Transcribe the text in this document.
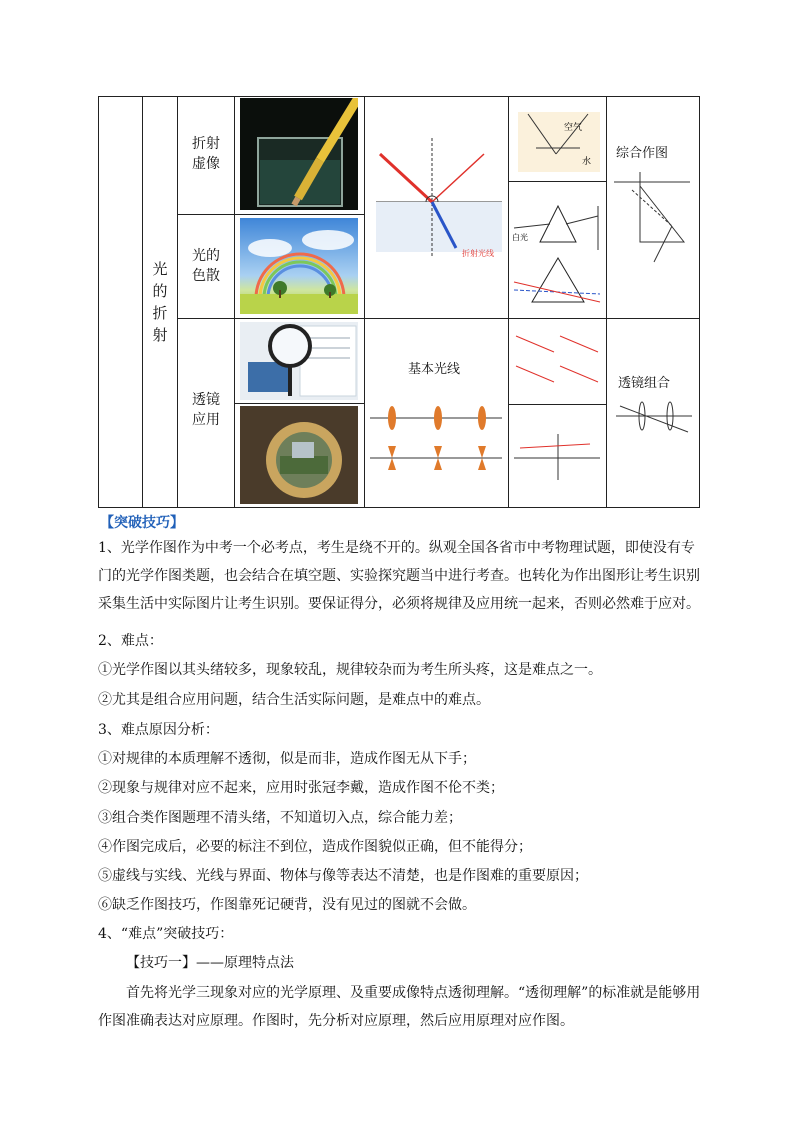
光的折射
折射
虚像
光的
色散
透镜
应用
折射光线
空气
水
白光
综合作图
基本光线
透镜组合
【突破技巧】
1、光学作图作为中考一个必考点，考生是绕不开的。纵观全国各省市中考物理试题，即使没有专门的光学作图类题，也会结合在填空题、实验探究题当中进行考查。也转化为作出图形让考生识别采集生活中实际图片让考生识别。要保证得分，必须将规律及应用统一起来，否则必然难于应对。
2、难点：
①光学作图以其头绪较多，现象较乱，规律较杂而为考生所头疼，这是难点之一。
②尤其是组合应用问题，结合生活实际问题，是难点中的难点。
3、难点原因分析：
①对规律的本质理解不透彻，似是而非，造成作图无从下手；
②现象与规律对应不起来，应用时张冠李戴，造成作图不伦不类；
③组合类作图题理不清头绪，不知道切入点，综合能力差；
④作图完成后，必要的标注不到位，造成作图貌似正确，但不能得分；
⑤虚线与实线、光线与界面、物体与像等表达不清楚，也是作图难的重要原因；
⑥缺乏作图技巧，作图靠死记硬背，没有见过的图就不会做。
4、“难点”突破技巧：
【技巧一】——原理特点法
首先将光学三现象对应的光学原理、及重要成像特点透彻理解。“透彻理解”的标准就是能够用作图准确表达对应原理。作图时，先分析对应原理，然后应用原理对应作图。
